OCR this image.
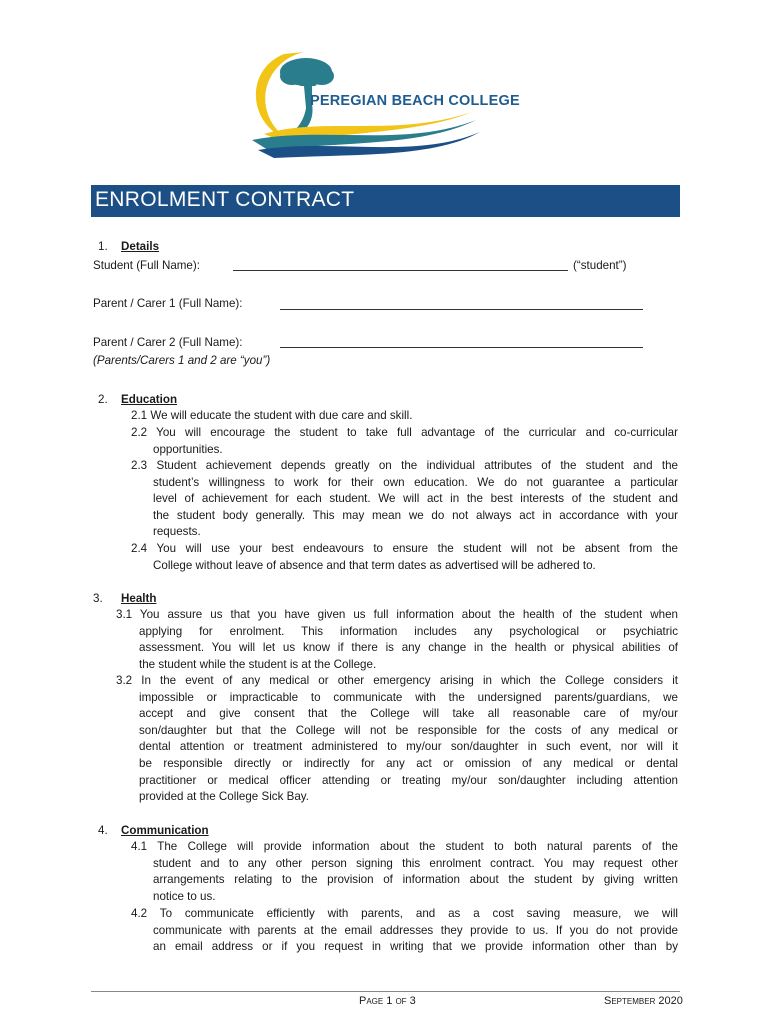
PEREGIAN BEACH COLLEGE
ENROLMENT CONTRACT
1. Details
Student (Full Name):	(“student”)
Parent / Carer 1 (Full Name):
Parent / Carer 2 (Full Name):
(Parents/Carers 1 and 2 are “you”)
2. Education
2.1 We will educate the student with due care and skill.
2.2 You will encourage the student to take full advantage of the curricular and co-curricular
opportunities.
2.3 Student achievement depends greatly on the individual attributes of the student and the
student’s willingness to work for their own education. We do not guarantee a particular
level of achievement for each student. We will act in the best interests of the student and
the student body generally. This may mean we do not always act in accordance with your
requests.
2.4 You will use your best endeavours to ensure the student will not be absent from the
College without leave of absence and that term dates as advertised will be adhered to.
3. Health
3.1 You assure us that you have given us full information about the health of the student when
applying for enrolment. This information includes any psychological or psychiatric
assessment. You will let us know if there is any change in the health or physical abilities of
the student while the student is at the College.
3.2 In the event of any medical or other emergency arising in which the College considers it
impossible or impracticable to communicate with the undersigned parents/guardians, we
accept and give consent that the College will take all reasonable care of my/our
son/daughter but that the College will not be responsible for the costs of any medical or
dental attention or treatment administered to my/our son/daughter in such event, nor will it
be responsible directly or indirectly for any act or omission of any medical or dental
practitioner or medical officer attending or treating my/our son/daughter including attention
provided at the College Sick Bay.
4. Communication
4.1 The College will provide information about the student to both natural parents of the
student and to any other person signing this enrolment contract. You may request other
arrangements relating to the provision of information about the student by giving written
notice to us.
4.2 To communicate efficiently with parents, and as a cost saving measure, we will
communicate with parents at the email addresses they provide to us. If you do not provide
an email address or if you request in writing that we provide information other than by
Page 1 of 3	September 2020
